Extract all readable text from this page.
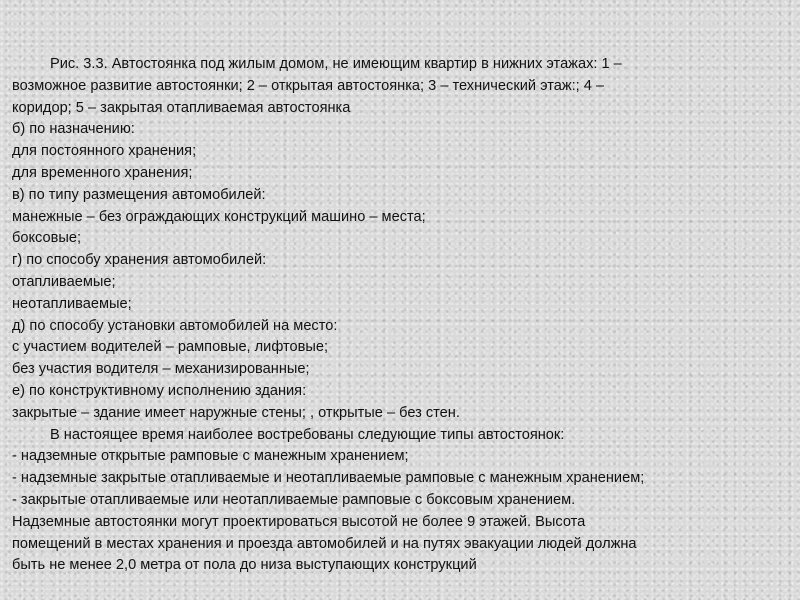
Рис. 3.3. Автостоянка под жилым домом, не имеющим квартир в нижних этажах: 1 –
возможное развитие автостоянки; 2 – открытая автостоянка; 3 – технический этаж:; 4 –
коридор; 5 – закрытая отапливаемая автостоянка
б) по назначению:
для постоянного хранения;
для временного хранения;
в) по типу размещения автомобилей:
манежные – без ограждающих конструкций машино – места;
боксовые;
г) по способу хранения автомобилей:
отапливаемые;
неотапливаемые;
д) по способу установки автомобилей на место:
с участием водителей – рамповые, лифтовые;
без участия водителя – механизированные;
е) по конструктивному исполнению здания:
закрытые – здание имеет наружные стены; , открытые – без стен.
В настоящее время наиболее востребованы следующие типы автостоянок:
- надземные открытые рамповые с манежным хранением;
- надземные закрытые отапливаемые и неотапливаемые рамповые с манежным хранением;
- закрытые отапливаемые или неотапливаемые рамповые с боксовым хранением.
Надземные автостоянки могут проектироваться высотой не более 9 этажей. Высота
помещений в местах хранения и проезда автомобилей и на путях эвакуации людей должна
быть не менее 2,0 метра от пола до низа выступающих конструкций
